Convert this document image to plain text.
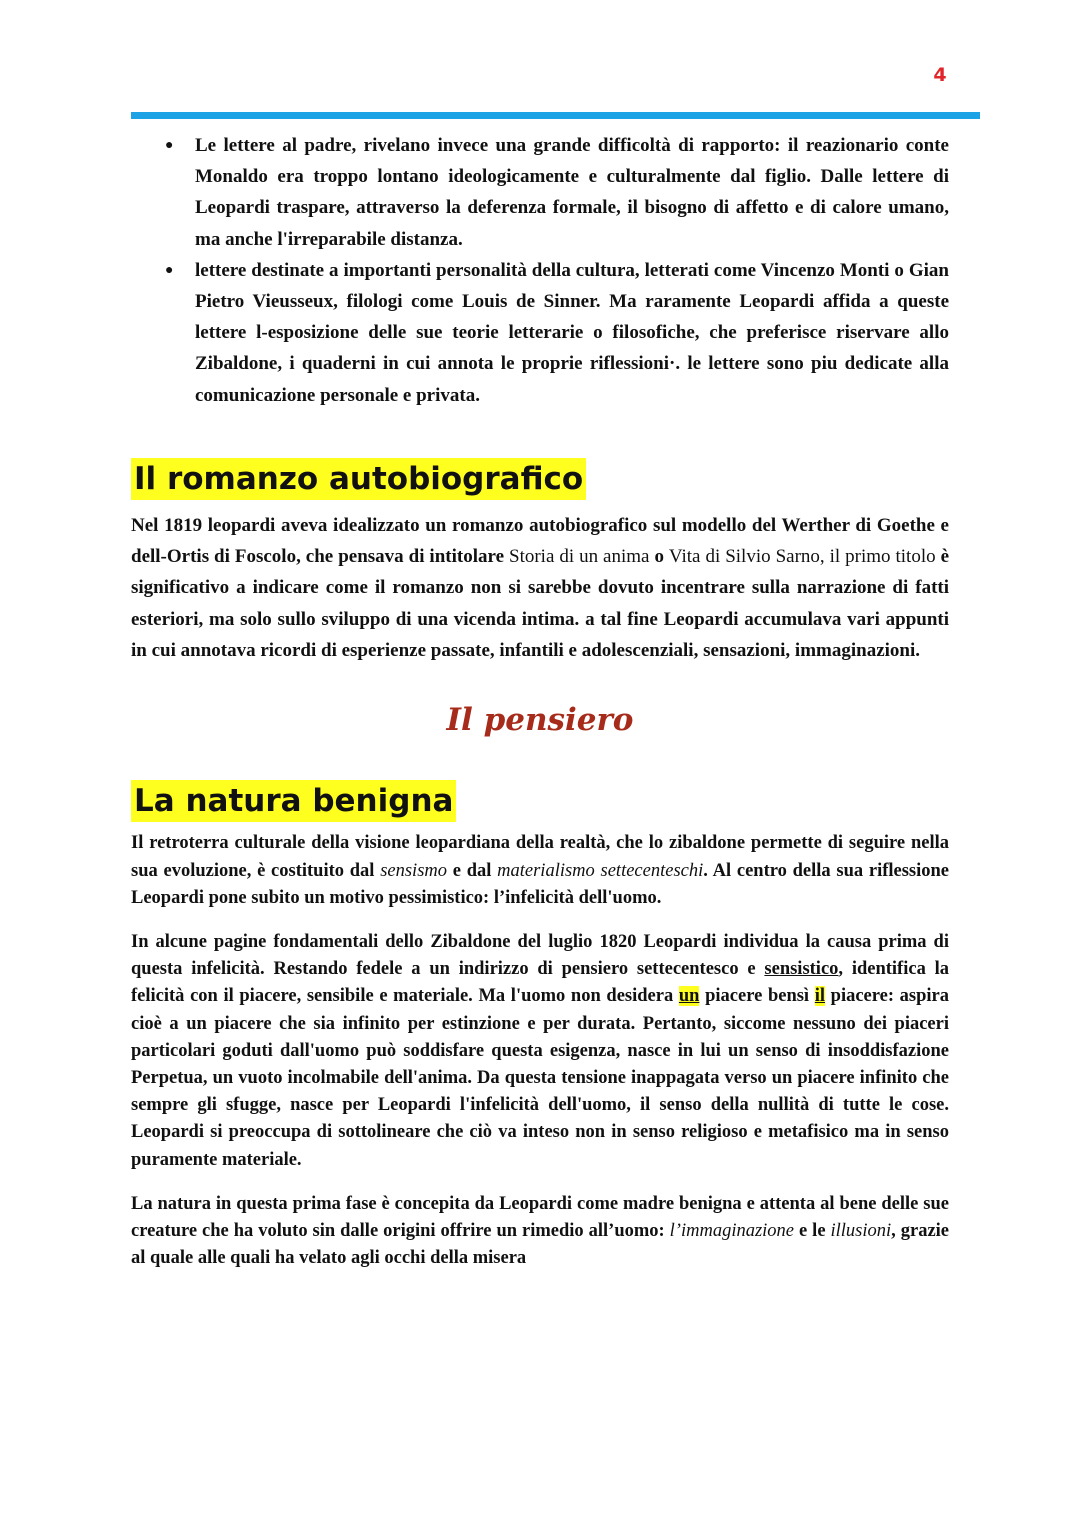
4
● Le lettere al padre, rivelano invece una grande difficoltà di rapporto: il reazionario conte Monaldo era troppo lontano ideologicamente e culturalmente dal figlio. Dalle lettere di Leopardi traspare, attraverso la deferenza formale, il bisogno di affetto e di calore umano, ma anche l'irreparabile distanza.
● lettere destinate a importanti personalità della cultura, letterati come Vincenzo Monti o Gian Pietro Vieusseux, filologi come Louis de Sinner. Ma raramente Leopardi affida a queste lettere l-esposizione delle sue teorie letterarie o filosofiche, che preferisce riservare allo Zibaldone, i quaderni in cui annota le proprie riflessioni·. le lettere sono piu dedicate alla comunicazione personale e privata.
Il romanzo autobiografico

Nel 1819 leopardi aveva idealizzato un romanzo autobiografico sul modello del Werther di Goethe e dell-Ortis di Foscolo, che pensava di intitolare Storia di un anima o Vita di Silvio Sarno, il primo titolo è significativo a indicare come il romanzo non si sarebbe dovuto incentrare sulla narrazione di fatti esteriori, ma solo sullo sviluppo di una vicenda intima. a tal fine Leopardi accumulava vari appunti in cui annotava ricordi di esperienze passate, infantili e adolescenziali, sensazioni, immaginazioni.

Il pensiero

La natura benigna

Il retroterra culturale della visione leopardiana della realtà, che lo zibaldone permette di seguire nella sua evoluzione, è costituito dal sensismo e dal materialismo settecenteschi. Al centro della sua riflessione Leopardi pone subito un motivo pessimistico: l’infelicità dell'uomo.

In alcune pagine fondamentali dello Zibaldone del luglio 1820 Leopardi individua la causa prima di questa infelicità. Restando fedele a un indirizzo di pensiero settecentesco e sensistico, identifica la felicità con il piacere, sensibile e materiale. Ma l'uomo non desidera un piacere bensì il piacere: aspira cioè a un piacere che sia infinito per estinzione e per durata. Pertanto, siccome nessuno dei piaceri particolari goduti dall'uomo può soddisfare questa esigenza, nasce in lui un senso di insoddisfazione Perpetua, un vuoto incolmabile dell'anima. Da questa tensione inappagata verso un piacere infinito che sempre gli sfugge, nasce per Leopardi l'infelicità dell'uomo, il senso della nullità di tutte le cose. Leopardi si preoccupa di sottolineare che ciò va inteso non in senso religioso e metafisico ma in senso puramente materiale.

La natura in questa prima fase è concepita da Leopardi come madre benigna e attenta al bene delle sue creature che ha voluto sin dalle origini offrire un rimedio all’uomo: l’immaginazione e le illusioni, grazie al quale alle quali ha velato agli occhi della misera
